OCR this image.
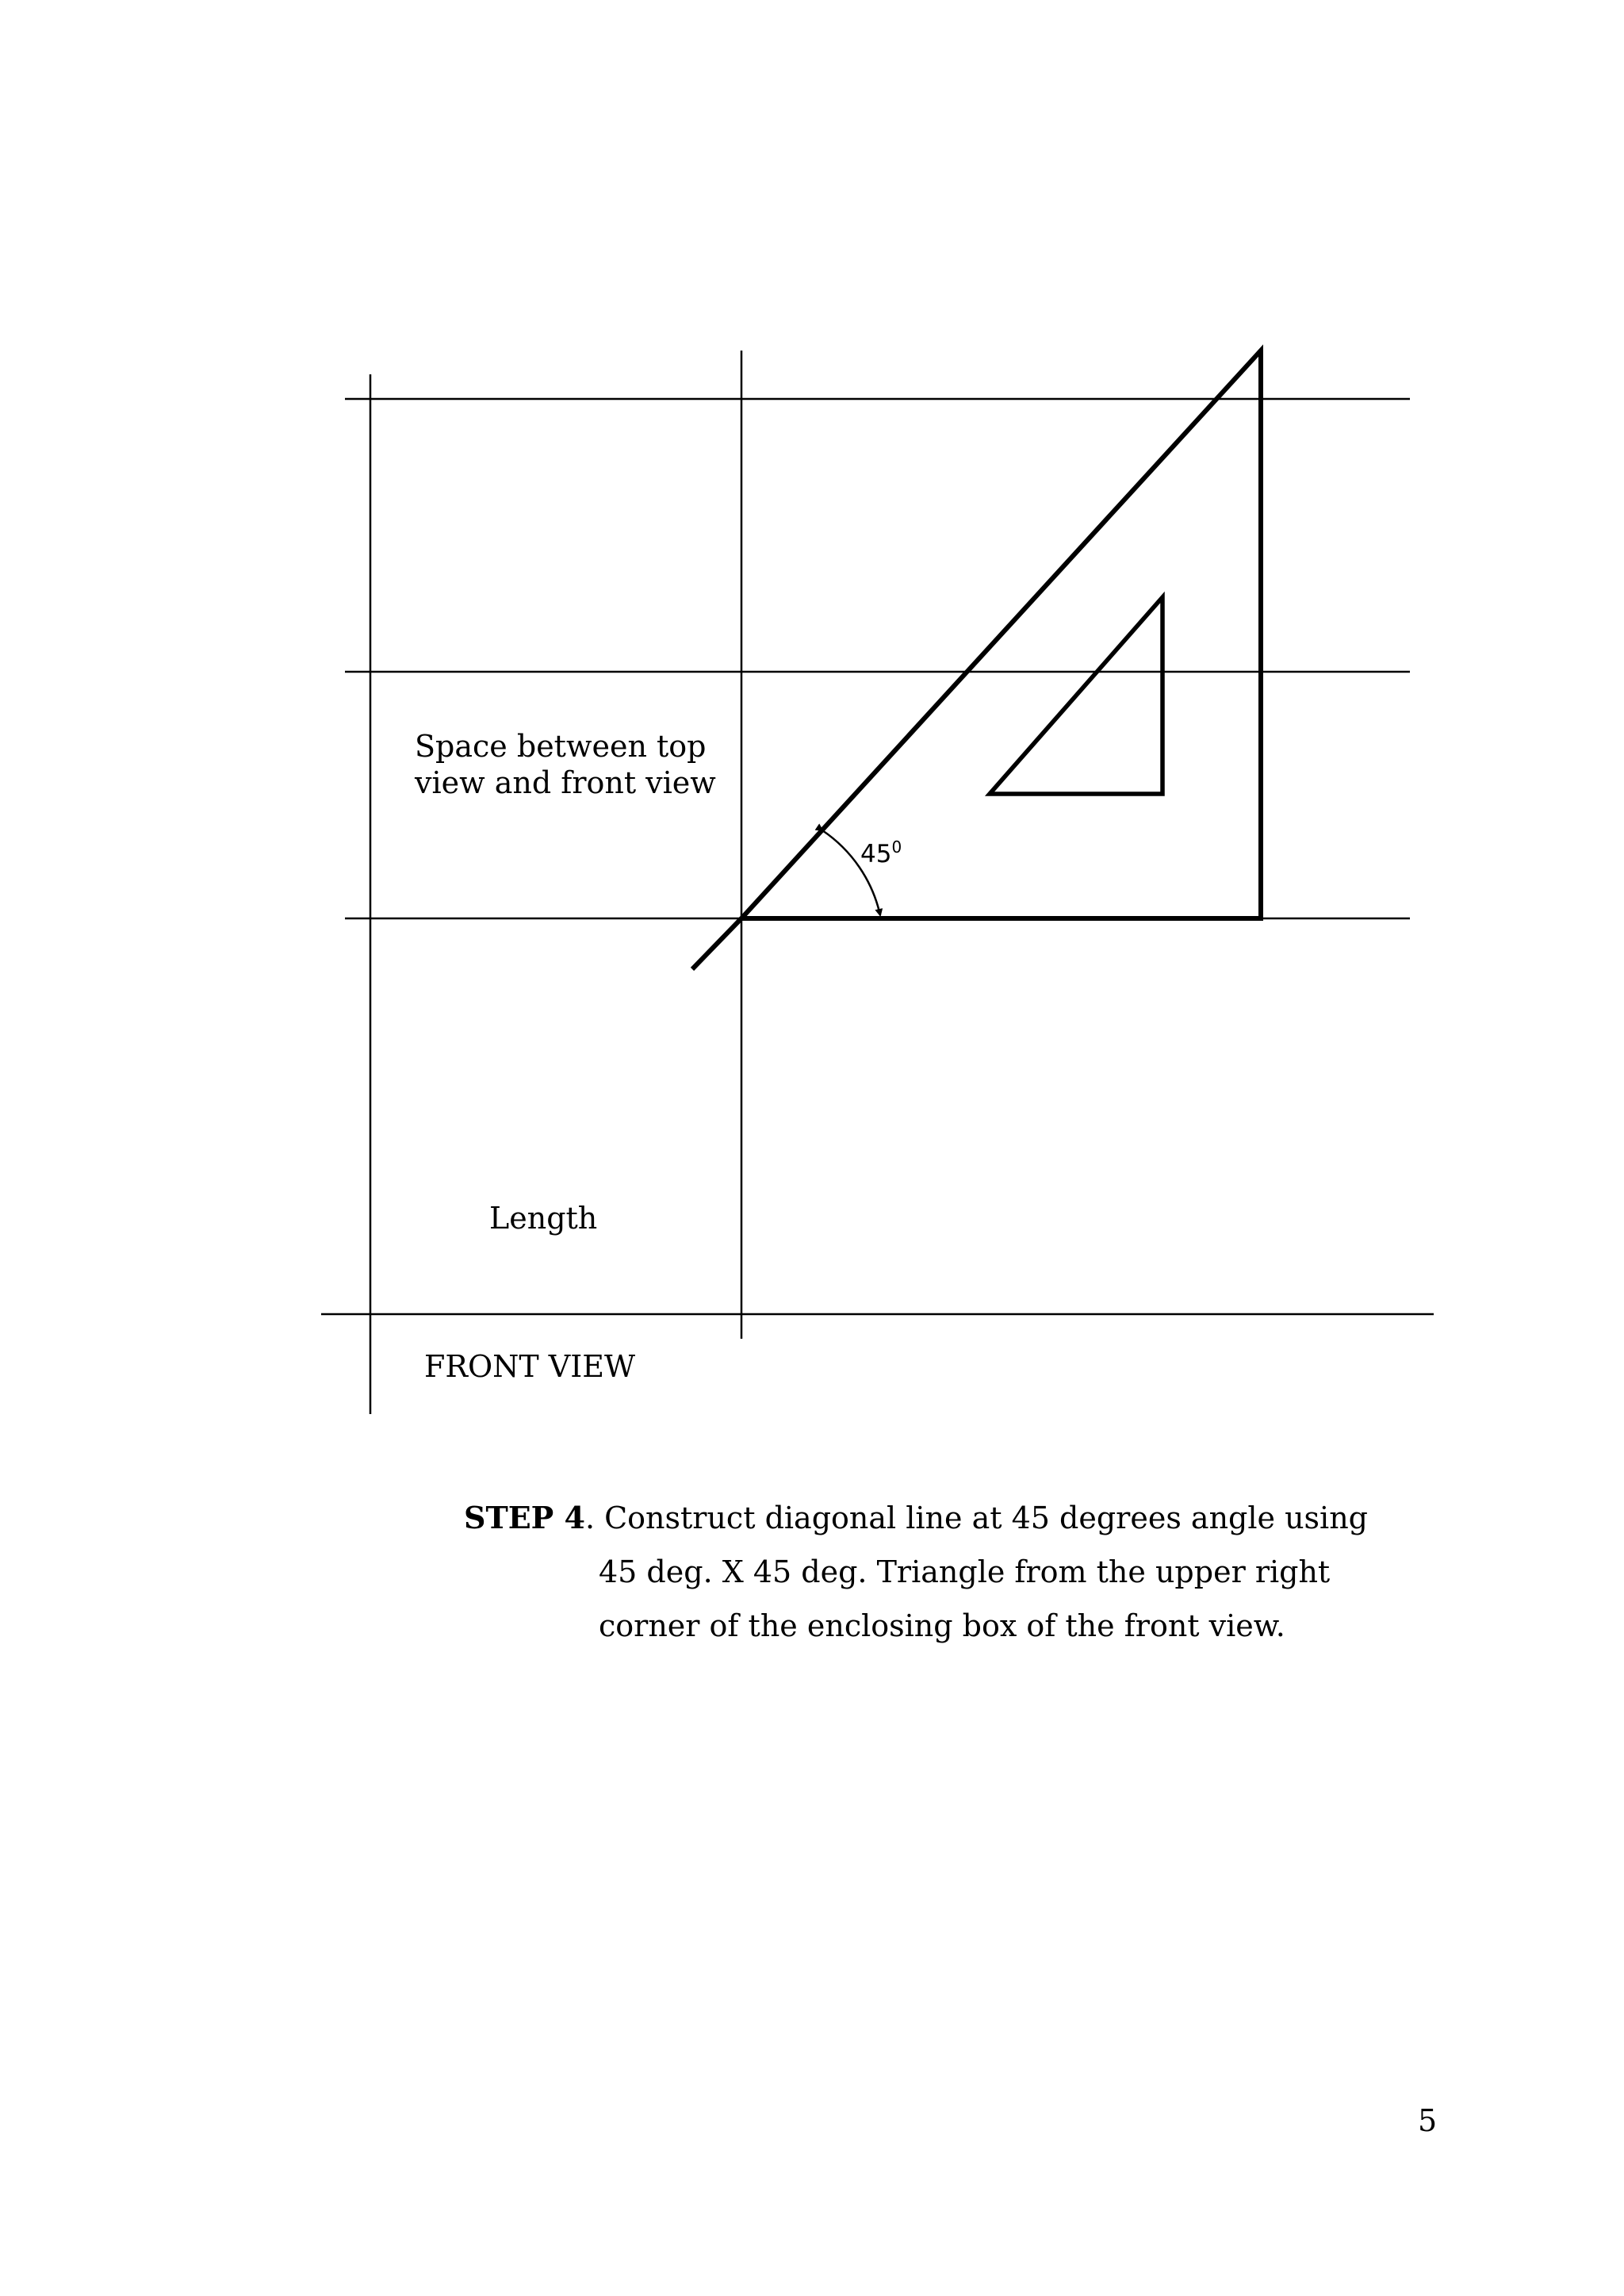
Space between top
view and front view
$45^0$
Length
FRONT VIEW
STEP 4. Construct diagonal line at 45 degrees angle using
45 deg. X 45 deg. Triangle from the upper right
corner of the enclosing box of the front view.
5
